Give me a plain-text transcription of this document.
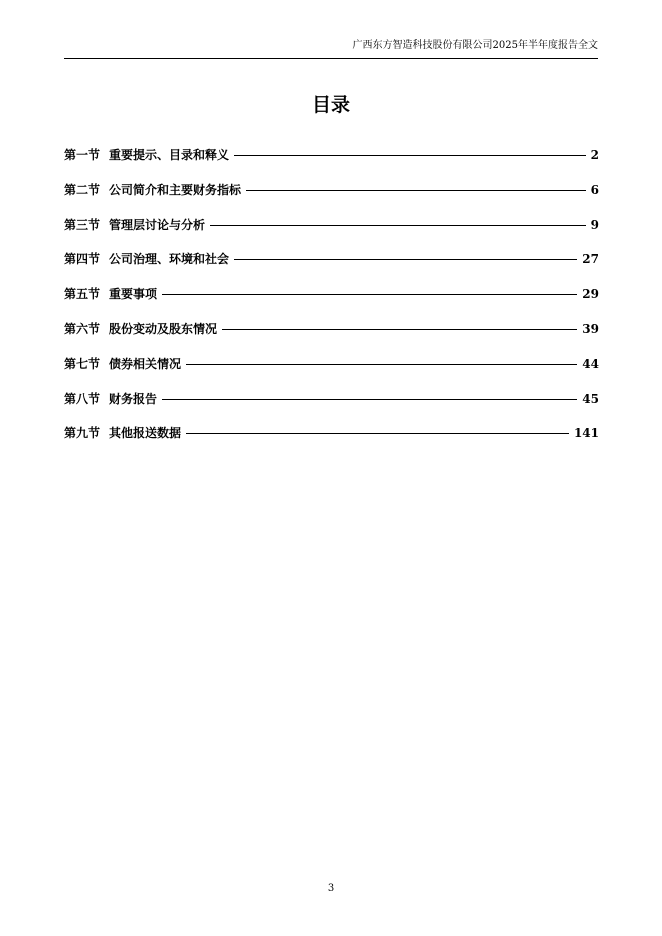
广西东方智造科技股份有限公司2025年半年度报告全文
目录
第一节 重要提示、目录和释义	2
第二节 公司简介和主要财务指标	6
第三节 管理层讨论与分析	9
第四节 公司治理、环境和社会	27
第五节 重要事项	29
第六节 股份变动及股东情况	39
第七节 债券相关情况	44
第八节 财务报告	45
第九节 其他报送数据	141
3
